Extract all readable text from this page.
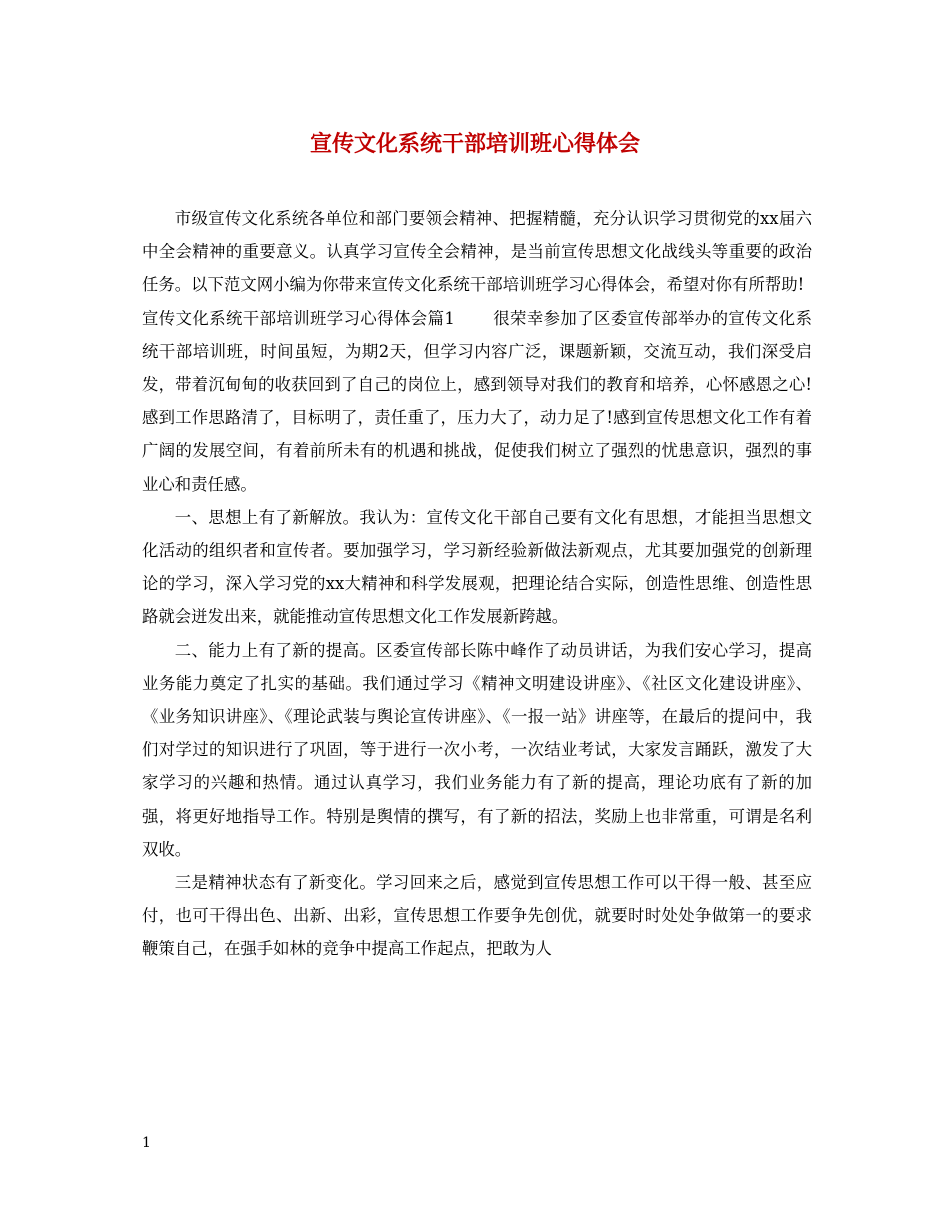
宣传文化系统干部培训班心得体会

市级宣传文化系统各单位和部门要领会精神、把握精髓，充分认识学习贯彻党的xx届六中全会精神的重要意义。认真学习宣传全会精神，是当前宣传思想文化战线头等重要的政治任务。以下范文网小编为你带来宣传文化系统干部培训班学习心得体会，希望对你有所帮助!

宣传文化系统干部培训班学习心得体会篇1 很荣幸参加了区委宣传部举办的宣传文化系统干部培训班，时间虽短，为期2天，但学习内容广泛，课题新颖，交流互动，我们深受启发，带着沉甸甸的收获回到了自己的岗位上，感到领导对我们的教育和培养，心怀感恩之心!感到工作思路清了，目标明了，责任重了，压力大了，动力足了!感到宣传思想文化工作有着广阔的发展空间，有着前所未有的机遇和挑战，促使我们树立了强烈的忧患意识，强烈的事业心和责任感。

一、思想上有了新解放。我认为：宣传文化干部自己要有文化有思想，才能担当思想文化活动的组织者和宣传者。要加强学习，学习新经验新做法新观点，尤其要加强党的创新理论的学习，深入学习党的xx大精神和科学发展观，把理论结合实际，创造性思维、创造性思路就会迸发出来，就能推动宣传思想文化工作发展新跨越。

二、能力上有了新的提高。区委宣传部长陈中峰作了动员讲话，为我们安心学习，提高业务能力奠定了扎实的基础。我们通过学习《精神文明建设讲座》、《社区文化建设讲座》、《业务知识讲座》、《理论武装与舆论宣传讲座》、《一报一站》讲座等，在最后的提问中，我们对学过的知识进行了巩固，等于进行一次小考，一次结业考试，大家发言踊跃，激发了大家学习的兴趣和热情。通过认真学习，我们业务能力有了新的提高，理论功底有了新的加强，将更好地指导工作。特别是舆情的撰写，有了新的招法，奖励上也非常重，可谓是名利双收。

三是精神状态有了新变化。学习回来之后，感觉到宣传思想工作可以干得一般、甚至应付，也可干得出色、出新、出彩，宣传思想工作要争先创优，就要时时处处争做第一的要求鞭策自己，在强手如林的竞争中提高工作起点，把敢为人

1
